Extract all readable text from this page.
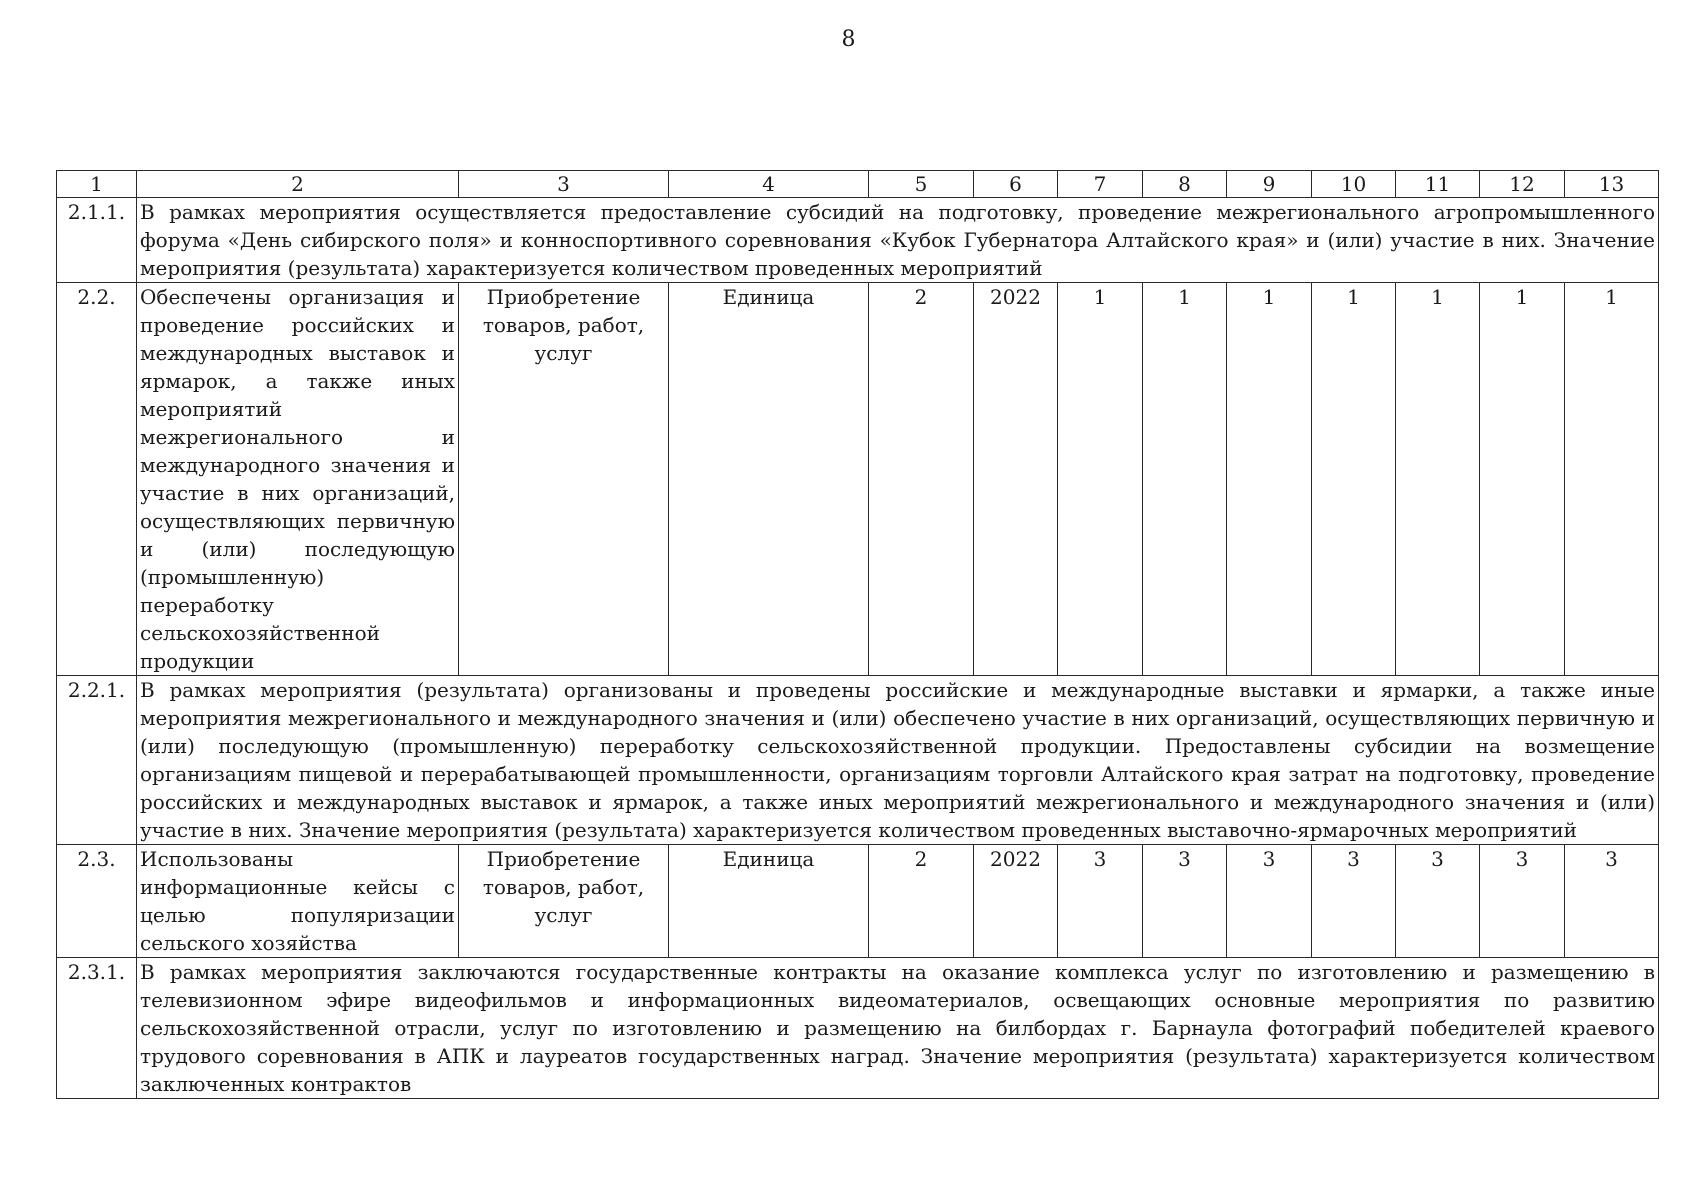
8
1	2	3	4	5	6	7	8	9	10	11	12	13
2.1.1.	В рамках мероприятия осуществляется предоставление субсидий на подготовку, проведение межрегионального агропромышленного форума «День сибирского поля» и конноспортивного соревнования «Кубок Губернатора Алтайского края» и (или) участие в них. Значение мероприятия (результата) характеризуется количеством проведенных мероприятий											
2.2.	Обеспечены организация и проведение российских и международных выставок и ярмарок, а также иных мероприятий межрегионального и международного значения и участие в них организаций, осуществляющих первичную и (или) последующую (промышленную) переработку сельскохозяйственной продукции	Приобретение товаров, работ, услуг	Единица	2	2022	1	1	1	1	1	1	1
2.2.1.	В рамках мероприятия (результата) организованы и проведены российские и международные выставки и ярмарки, а также иные мероприятия межрегионального и международного значения и (или) обеспечено участие в них организаций, осуществляющих первичную и (или) последующую (промышленную) переработку сельскохозяйственной продукции. Предоставлены субсидии на возмещение организациям пищевой и перерабатывающей промышленности, организациям торговли Алтайского края затрат на подготовку, проведение российских и международных выставок и ярмарок, а также иных мероприятий межрегионального и международного значения и (или) участие в них. Значение мероприятия (результата) характеризуется количеством проведенных выставочно-ярмарочных мероприятий											
2.3.	Использованы информационные кейсы с целью популяризации сельского хозяйства	Приобретение товаров, работ, услуг	Единица	2	2022	3	3	3	3	3	3	3
2.3.1.	В рамках мероприятия заключаются государственные контракты на оказание комплекса услуг по изготовлению и размещению в телевизионном эфире видеофильмов и информационных видеоматериалов, освещающих основные мероприятия по развитию сельскохозяйственной отрасли, услуг по изготовлению и размещению на билбордах г. Барнаула фотографий победителей краевого трудового соревнования в АПК и лауреатов государственных наград. Значение мероприятия (результата) характеризуется количеством заключенных контрактов											
